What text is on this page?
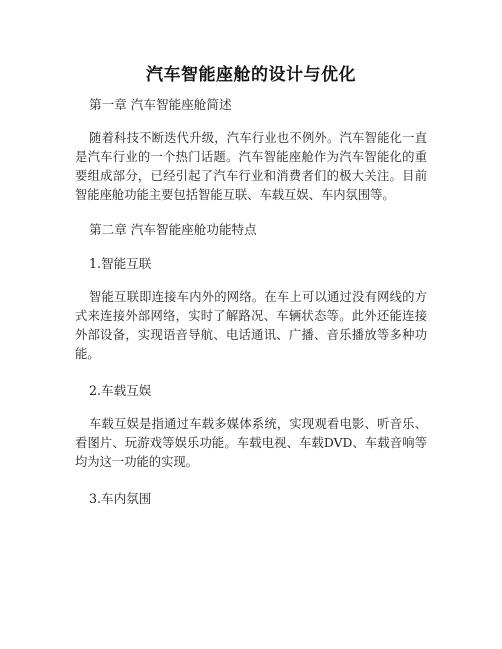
汽车智能座舱的设计与优化

第一章 汽车智能座舱简述

随着科技不断迭代升级，汽车行业也不例外。汽车智能化一直是汽车行业的一个热门话题。汽车智能座舱作为汽车智能化的重要组成部分，已经引起了汽车行业和消费者们的极大关注。目前智能座舱功能主要包括智能互联、车载互娱、车内氛围等。

第二章 汽车智能座舱功能特点

1.智能互联

智能互联即连接车内外的网络。在车上可以通过没有网线的方式来连接外部网络，实时了解路况、车辆状态等。此外还能连接外部设备，实现语音导航、电话通讯、广播、音乐播放等多种功能。

2.车载互娱

车载互娱是指通过车载多媒体系统，实现观看电影、听音乐、看图片、玩游戏等娱乐功能。车载电视、车载DVD、车载音响等均为这一功能的实现。

3.车内氛围
